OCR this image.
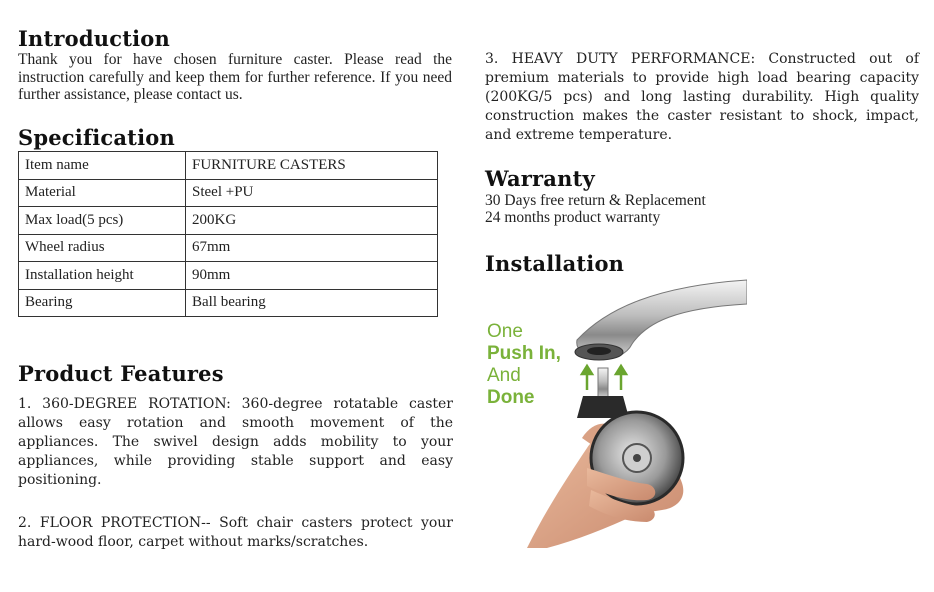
Introduction

Thank you for have chosen furniture caster. Please read the instruction carefully and keep them for further reference. If you need further assistance, please contact us.

Specification
Item name	FURNITURE CASTERS
Material	Steel +PU
Max load(5 pcs)	200KG
Wheel radius	67mm
Installation height	90mm
Bearing	Ball bearing
Product Features

1. 360-DEGREE ROTATION: 360-degree rotatable caster allows easy rotation and smooth movement of the appliances. The swivel design adds mobility to your appliances, while providing stable support and easy positioning.

2. FLOOR PROTECTION-- Soft chair casters protect your hard-wood floor, carpet without marks/scratches.

3. HEAVY DUTY PERFORMANCE: Constructed out of premium materials to provide high load bearing capacity (200KG/5 pcs) and long lasting durability. High quality construction makes the caster resistant to shock, impact, and extreme temperature.

Warranty

30 Days free return & Replacement

24 months product warranty

Installation
One
Push In,
And
Done
